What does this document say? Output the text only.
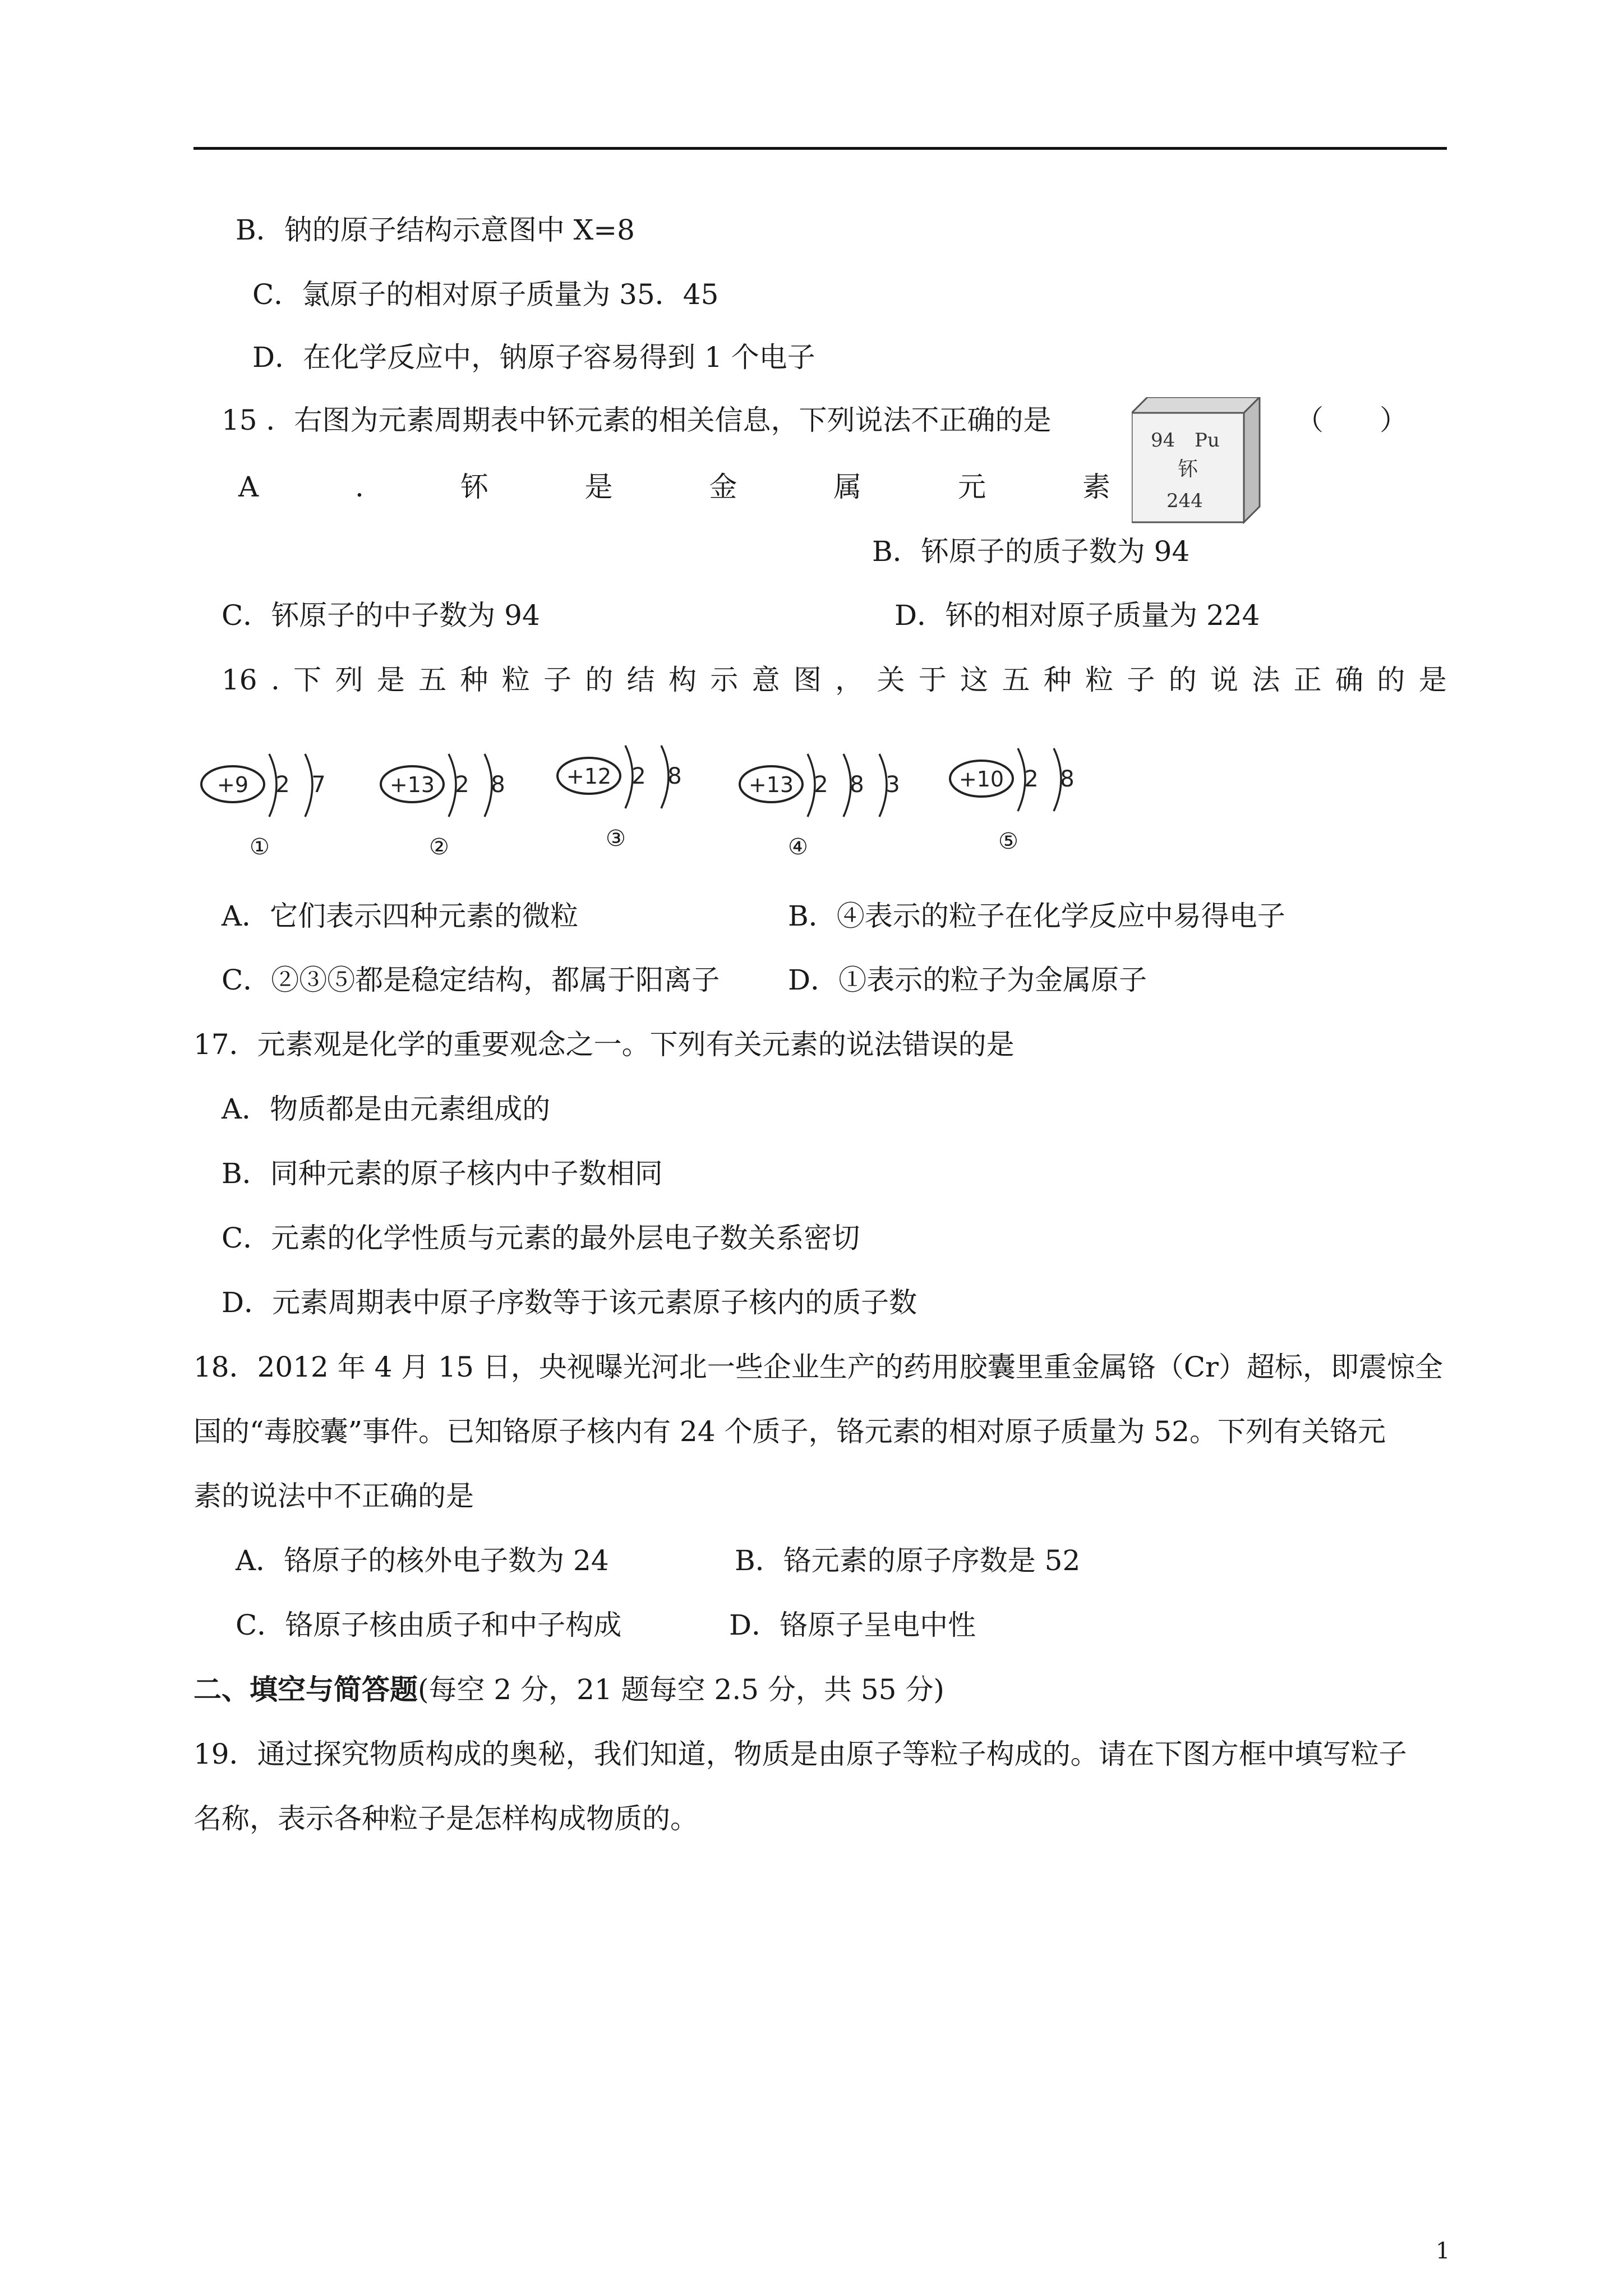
B．钠的原子结构示意图中 X=8
C．氯原子的相对原子质量为 35．45
D．在化学反应中，钠原子容易得到 1 个电子
15 ．右图为元素周期表中钚元素的相关信息，下列说法不正确的是	（　　）
A	.	钚	是	金	属	元	素
94 Pu
钚
244
B．钚原子的质子数为 94
C．钚原子的中子数为 94	D．钚的相对原子质量为 224
16 . 下 列 是 五 种 粒 子 的 结 构 示 意 图 ， 关 于 这 五 种 粒 子 的 说 法 正 确 的 是
+9 2 7
①
+13 2 8
②
+12 2 8
③
+13 2 8 3
④
+10 2 8
⑤
A．它们表示四种元素的微粒	B．④表示的粒子在化学反应中易得电子
C．②③⑤都是稳定结构，都属于阳离子 D．①表示的粒子为金属原子
17．元素观是化学的重要观念之一。下列有关元素的说法错误的是
A．物质都是由元素组成的
B．同种元素的原子核内中子数相同
C．元素的化学性质与元素的最外层电子数关系密切
D．元素周期表中原子序数等于该元素原子核内的质子数
18．2012 年 4 月 15 日，央视曝光河北一些企业生产的药用胶囊里重金属铬（Cr）超标，即震惊全
国的“毒胶囊”事件。已知铬原子核内有 24 个质子，铬元素的相对原子质量为 52。下列有关铬元
素的说法中不正确的是
A．铬原子的核外电子数为 24	B．铬元素的原子序数是 52
C．铬原子核由质子和中子构成	D．铬原子呈电中性
二、填空与简答题(每空 2 分，21 题每空 2.5 分，共 55 分)
19．通过探究物质构成的奥秘，我们知道，物质是由原子等粒子构成的。请在下图方框中填写粒子
名称，表示各种粒子是怎样构成物质的。
1
